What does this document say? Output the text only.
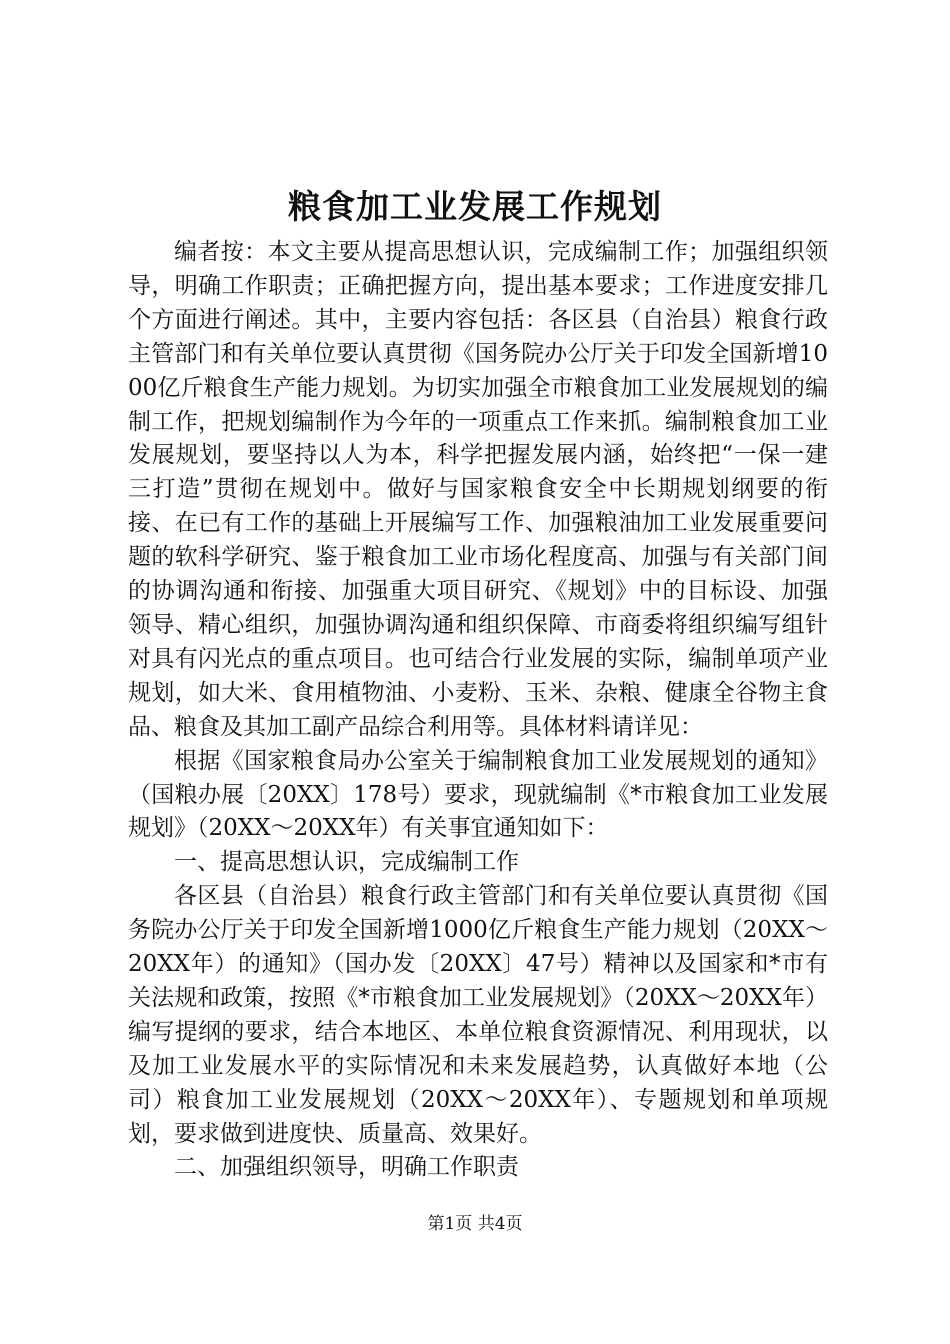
粮食加工业发展工作规划

编者按：本文主要从提高思想认识，完成编制工作；加强组织领导，明确工作职责；正确把握方向，提出基本要求；工作进度安排几个方面进行阐述。其中，主要内容包括：各区县（自治县）粮食行政主管部门和有关单位要认真贯彻《国务院办公厅关于印发全国新增1000亿斤粮食生产能力规划。为切实加强全市粮食加工业发展规划的编制工作，把规划编制作为今年的一项重点工作来抓。编制粮食加工业发展规划，要坚持以人为本，科学把握发展内涵，始终把“一保一建三打造”贯彻在规划中。做好与国家粮食安全中长期规划纲要的衔接、在已有工作的基础上开展编写工作、加强粮油加工业发展重要问题的软科学研究、鉴于粮食加工业市场化程度高、加强与有关部门间的协调沟通和衔接、加强重大项目研究、《规划》中的目标设、加强领导、精心组织，加强协调沟通和组织保障、市商委将组织编写组针对具有闪光点的重点项目。也可结合行业发展的实际，编制单项产业规划，如大米、食用植物油、小麦粉、玉米、杂粮、健康全谷物主食品、粮食及其加工副产品综合利用等。具体材料请详见：

根据《国家粮食局办公室关于编制粮食加工业发展规划的通知》（国粮办展〔20XX〕178号）要求，现就编制《*市粮食加工业发展规划》（20XX～20XX年）有关事宜通知如下：

一、提高思想认识，完成编制工作

各区县（自治县）粮食行政主管部门和有关单位要认真贯彻《国务院办公厅关于印发全国新增1000亿斤粮食生产能力规划（20XX～20XX年）的通知》（国办发〔20XX〕47号）精神以及国家和*市有关法规和政策，按照《*市粮食加工业发展规划》（20XX～20XX年）编写提纲的要求，结合本地区、本单位粮食资源情况、利用现状，以及加工业发展水平的实际情况和未来发展趋势，认真做好本地（公司）粮食加工业发展规划（20XX～20XX年）、专题规划和单项规划，要求做到进度快、质量高、效果好。

二、加强组织领导，明确工作职责

第1页 共4页
